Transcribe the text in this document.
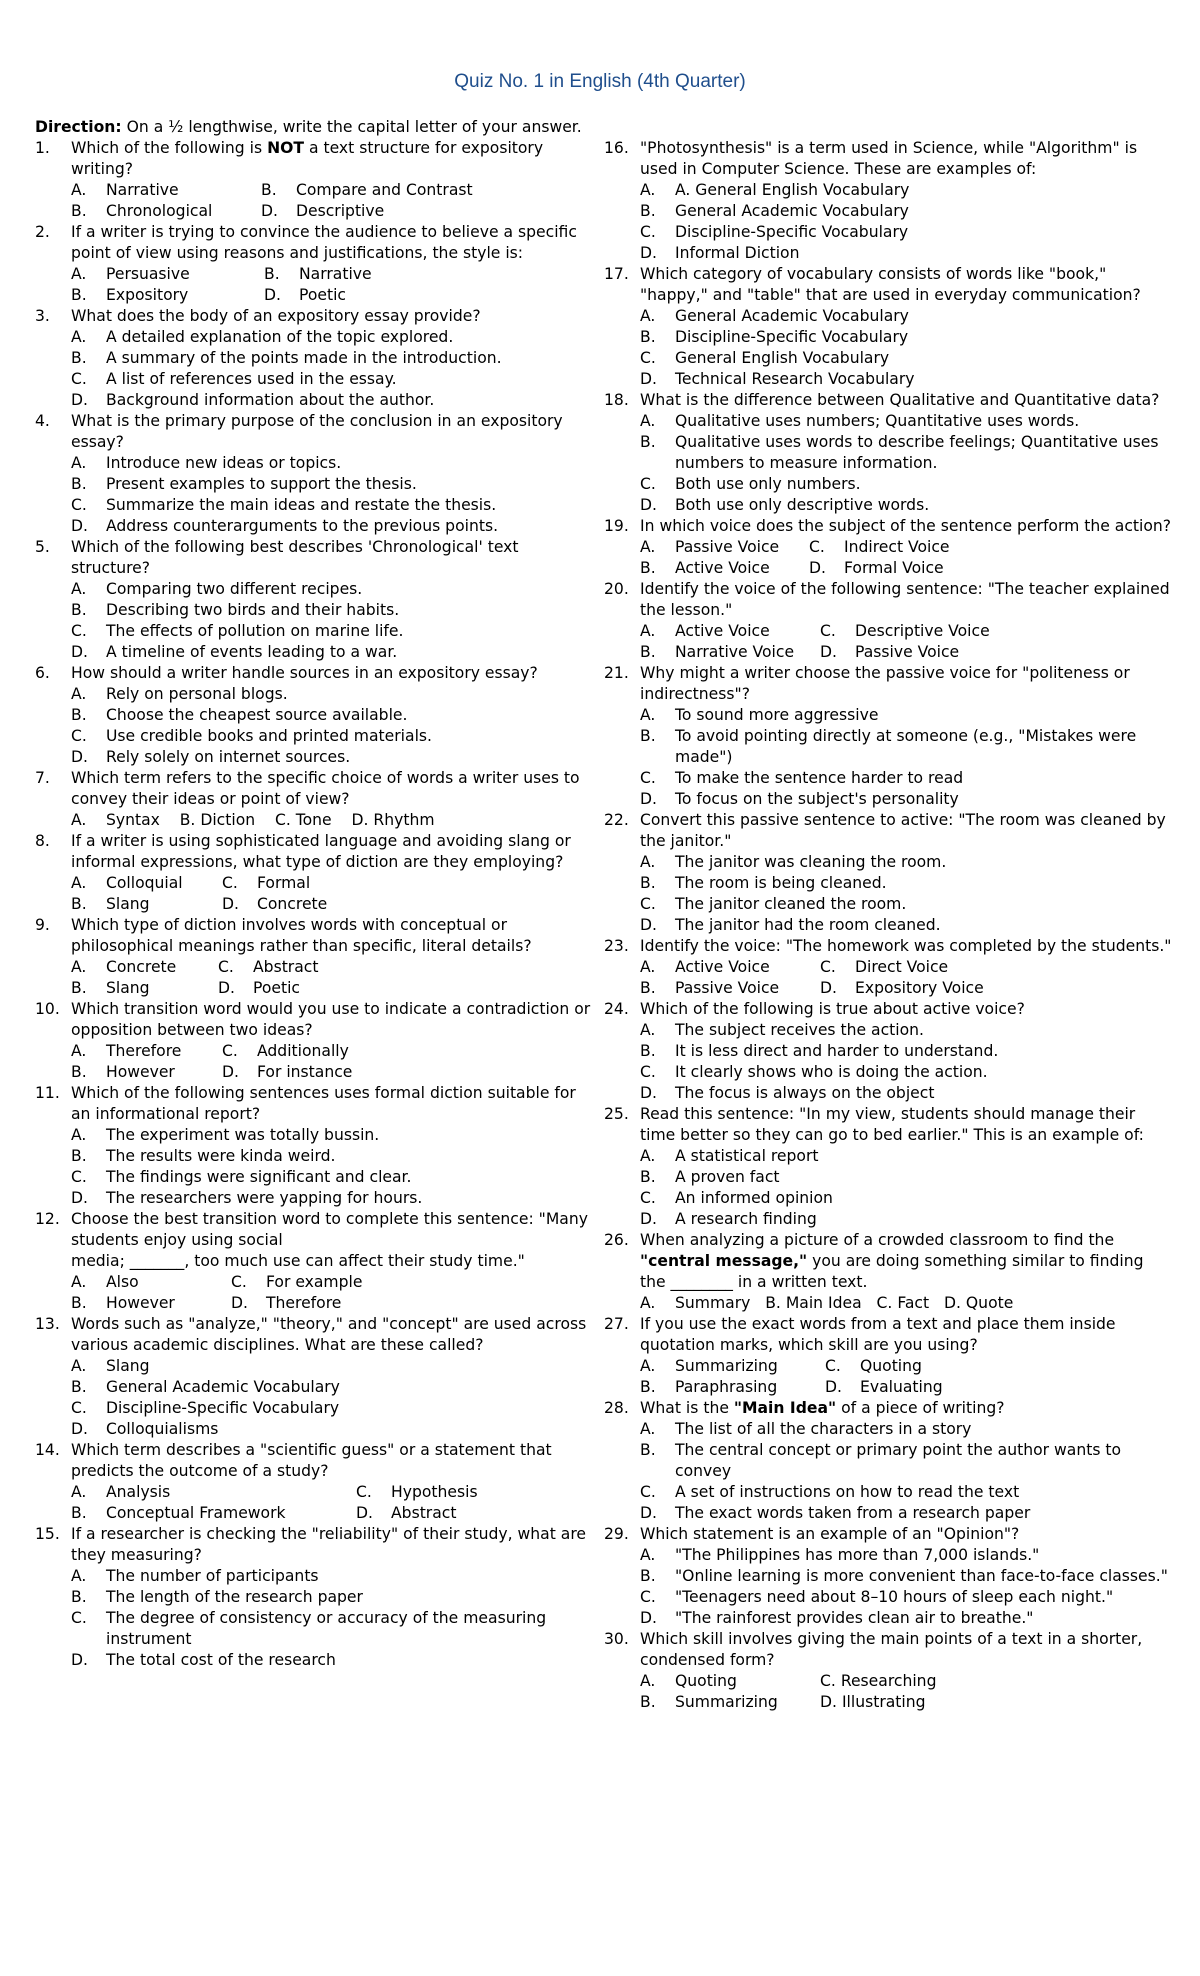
Quiz No. 1 in English (4th Quarter)
Direction: On a ½ lengthwise, write the capital letter of your answer.
1. Which of the following is NOT a text structure for expository writing?
A. Narrative	B. Compare and Contrast
B. Chronological	D. Descriptive
2. If a writer is trying to convince the audience to believe a specific point of view using reasons and justifications, the style is:
A. Persuasive	B. Narrative
B. Expository	D. Poetic
3. What does the body of an expository essay provide?
A. A detailed explanation of the topic explored.
B. A summary of the points made in the introduction.
C. A list of references used in the essay.
D. Background information about the author.
4. What is the primary purpose of the conclusion in an expository essay?
A. Introduce new ideas or topics.
B. Present examples to support the thesis.
C. Summarize the main ideas and restate the thesis.
D. Address counterarguments to the previous points.
5. Which of the following best describes 'Chronological' text structure?
A. Comparing two different recipes.
B. Describing two birds and their habits.
C. The effects of pollution on marine life.
D. A timeline of events leading to a war.
6. How should a writer handle sources in an expository essay?
A. Rely on personal blogs.
B. Choose the cheapest source available.
C. Use credible books and printed materials.
D. Rely solely on internet sources.
7. Which term refers to the specific choice of words a writer uses to convey their ideas or point of view?
A. Syntax    B. Diction    C. Tone    D. Rhythm
8. If a writer is using sophisticated language and avoiding slang or informal expressions, what type of diction are they employing?
A. Colloquial	C. Formal
B. Slang	D. Concrete
9. Which type of diction involves words with conceptual or philosophical meanings rather than specific, literal details?
A. Concrete	C. Abstract
B. Slang	D. Poetic
10. Which transition word would you use to indicate a contradiction or opposition between two ideas?
A. Therefore	C. Additionally
B. However	D. For instance
11. Which of the following sentences uses formal diction suitable for an informational report?
A. The experiment was totally bussin.
B. The results were kinda weird.
C. The findings were significant and clear.
D. The researchers were yapping for hours.
12. Choose the best transition word to complete this sentence: "Many students enjoy using social
media; _______, too much use can affect their study time."
A. Also	C. For example
B. However	D. Therefore
13. Words such as "analyze," "theory," and "concept" are used across various academic disciplines. What are these called?
A. Slang
B. General Academic Vocabulary
C. Discipline-Specific Vocabulary
D. Colloquialisms
14. Which term describes a "scientific guess" or a statement that predicts the outcome of a study?
A. Analysis	C. Hypothesis
B. Conceptual Framework	D. Abstract
15. If a researcher is checking the "reliability" of their study, what are they measuring?
A. The number of participants
B. The length of the research paper
C. The degree of consistency or accuracy of the measuring instrument
D. The total cost of the research
16. "Photosynthesis" is a term used in Science, while "Algorithm" is used in Computer Science. These are examples of:
A. A. General English Vocabulary
B. General Academic Vocabulary
C. Discipline-Specific Vocabulary
D. Informal Diction
17. Which category of vocabulary consists of words like "book," "happy," and "table" that are used in everyday communication?
A. General Academic Vocabulary
B. Discipline-Specific Vocabulary
C. General English Vocabulary
D. Technical Research Vocabulary
18. What is the difference between Qualitative and Quantitative data?
A. Qualitative uses numbers; Quantitative uses words.
B. Qualitative uses words to describe feelings; Quantitative uses numbers to measure information.
C. Both use only numbers.
D. Both use only descriptive words.
19. In which voice does the subject of the sentence perform the action?
A. Passive Voice	C. Indirect Voice
B. Active Voice	D. Formal Voice
20. Identify the voice of the following sentence: "The teacher explained the lesson."
A. Active Voice	C. Descriptive Voice
B. Narrative Voice	D. Passive Voice
21. Why might a writer choose the passive voice for "politeness or indirectness"?
A. To sound more aggressive
B. To avoid pointing directly at someone (e.g., "Mistakes were made")
C. To make the sentence harder to read
D. To focus on the subject's personality
22. Convert this passive sentence to active: "The room was cleaned by the janitor."
A. The janitor was cleaning the room.
B. The room is being cleaned.
C. The janitor cleaned the room.
D. The janitor had the room cleaned.
23. Identify the voice: "The homework was completed by the students."
A. Active Voice	C. Direct Voice
B. Passive Voice	D. Expository Voice
24. Which of the following is true about active voice?
A. The subject receives the action.
B. It is less direct and harder to understand.
C. It clearly shows who is doing the action.
D. The focus is always on the object
25. Read this sentence: "In my view, students should manage their time better so they can go to bed earlier." This is an example of:
A. A statistical report
B. A proven fact
C. An informed opinion
D. A research finding
26. When analyzing a picture of a crowded classroom to find the "central message," you are doing something similar to finding the ________ in a written text.
A. Summary   B. Main Idea   C. Fact   D. Quote
27. If you use the exact words from a text and place them inside quotation marks, which skill are you using?
A. Summarizing	C. Quoting
B. Paraphrasing	D. Evaluating
28. What is the "Main Idea" of a piece of writing?
A. The list of all the characters in a story
B. The central concept or primary point the author wants to convey
C. A set of instructions on how to read the text
D. The exact words taken from a research paper
29. Which statement is an example of an "Opinion"?
A. "The Philippines has more than 7,000 islands."
B. "Online learning is more convenient than face-to-face classes."
C. "Teenagers need about 8–10 hours of sleep each night."
D. "The rainforest provides clean air to breathe."
30. Which skill involves giving the main points of a text in a shorter, condensed form?
A. Quoting	C. Researching
B. Summarizing	D. Illustrating
